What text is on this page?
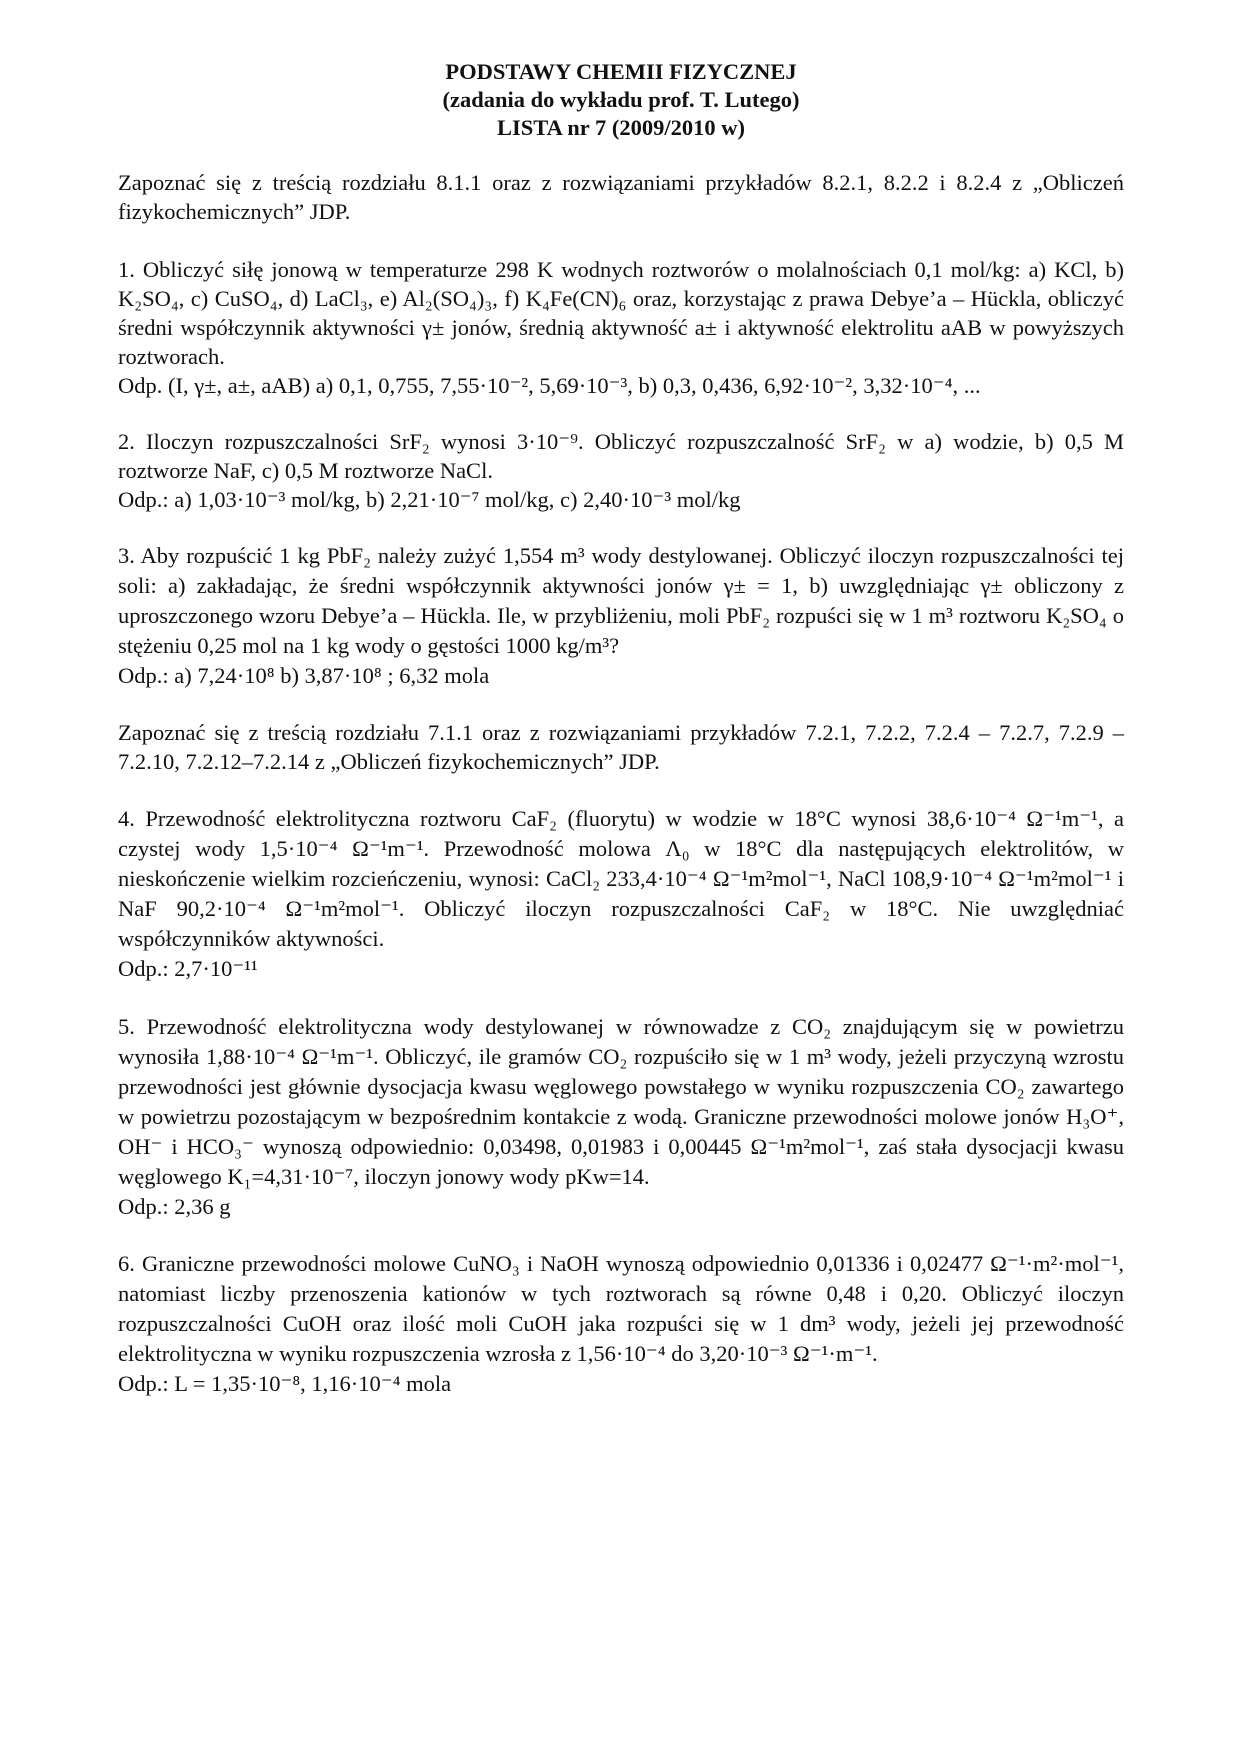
PODSTAWY CHEMII FIZYCZNEJ
(zadania do wykładu prof. T. Lutego)
LISTA nr 7 (2009/2010 w)
Zapoznać się z treścią rozdziału 8.1.1 oraz z rozwiązaniami przykładów 8.2.1, 8.2.2 i 8.2.4 z „Obliczeń fizykochemicznych” JDP.
1. Obliczyć siłę jonową w temperaturze 298 K wodnych roztworów o molalnościach 0,1 mol/kg: a) KCl, b) K₂SO₄, c) CuSO₄, d) LaCl₃, e) Al₂(SO₄)₃, f) K₄Fe(CN)₆ oraz, korzystając z prawa Debye’a – Hückla, obliczyć średni współczynnik aktywności γ± jonów, średnią aktywność a± i aktywność elektrolitu aAB w powyższych roztworach.
Odp. (I, γ±, a±, aAB) a) 0,1, 0,755, 7,55·10⁻², 5,69·10⁻³, b) 0,3, 0,436, 6,92·10⁻², 3,32·10⁻⁴, ...
2. Iloczyn rozpuszczalności SrF₂ wynosi 3·10⁻⁹. Obliczyć rozpuszczalność SrF₂ w a) wodzie, b) 0,5 M roztworze NaF, c) 0,5 M roztworze NaCl.
Odp.: a) 1,03·10⁻³ mol/kg, b) 2,21·10⁻⁷ mol/kg, c) 2,40·10⁻³ mol/kg
3. Aby rozpuścić 1 kg PbF₂ należy zużyć 1,554 m³ wody destylowanej. Obliczyć iloczyn rozpuszczalności tej soli: a) zakładając, że średni współczynnik aktywności jonów γ± = 1, b) uwzględniając γ± obliczony z uproszczonego wzoru Debye’a – Hückla. Ile, w przybliżeniu, moli PbF₂ rozpuści się w 1 m³ roztworu K₂SO₄ o stężeniu 0,25 mol na 1 kg wody o gęstości 1000 kg/m³?
Odp.: a) 7,24·10⁸ b) 3,87·10⁸ ; 6,32 mola
Zapoznać się z treścią rozdziału 7.1.1 oraz z rozwiązaniami przykładów 7.2.1, 7.2.2, 7.2.4 – 7.2.7, 7.2.9 – 7.2.10, 7.2.12–7.2.14 z „Obliczeń fizykochemicznych” JDP.
4. Przewodność elektrolityczna roztworu CaF₂ (fluorytu) w wodzie w 18°C wynosi 38,6·10⁻⁴ Ω⁻¹m⁻¹, a czystej wody 1,5·10⁻⁴ Ω⁻¹m⁻¹. Przewodność molowa Λ₀ w 18°C dla następujących elektrolitów, w nieskończenie wielkim rozcieńczeniu, wynosi: CaCl₂ 233,4·10⁻⁴ Ω⁻¹m²mol⁻¹, NaCl 108,9·10⁻⁴ Ω⁻¹m²mol⁻¹ i NaF 90,2·10⁻⁴ Ω⁻¹m²mol⁻¹. Obliczyć iloczyn rozpuszczalności CaF₂ w 18°C. Nie uwzględniać współczynników aktywności.
Odp.: 2,7·10⁻¹¹
5. Przewodność elektrolityczna wody destylowanej w równowadze z CO₂ znajdującym się w powietrzu wynosiła 1,88·10⁻⁴ Ω⁻¹m⁻¹. Obliczyć, ile gramów CO₂ rozpuściło się w 1 m³ wody, jeżeli przyczyną wzrostu przewodności jest głównie dysocjacja kwasu węglowego powstałego w wyniku rozpuszczenia CO₂ zawartego w powietrzu pozostającym w bezpośrednim kontakcie z wodą. Graniczne przewodności molowe jonów H₃O⁺, OH⁻ i HCO₃⁻ wynoszą odpowiednio: 0,03498, 0,01983 i 0,00445 Ω⁻¹m²mol⁻¹, zaś stała dysocjacji kwasu węglowego K₁=4,31·10⁻⁷, iloczyn jonowy wody pKw=14.
Odp.: 2,36 g
6. Graniczne przewodności molowe CuNO₃ i NaOH wynoszą odpowiednio 0,01336 i 0,02477 Ω⁻¹·m²·mol⁻¹, natomiast liczby przenoszenia kationów w tych roztworach są równe 0,48 i 0,20. Obliczyć iloczyn rozpuszczalności CuOH oraz ilość moli CuOH jaka rozpuści się w 1 dm³ wody, jeżeli jej przewodność elektrolityczna w wyniku rozpuszczenia wzrosła z 1,56·10⁻⁴ do 3,20·10⁻³ Ω⁻¹·m⁻¹.
Odp.: L = 1,35·10⁻⁸, 1,16·10⁻⁴ mola
